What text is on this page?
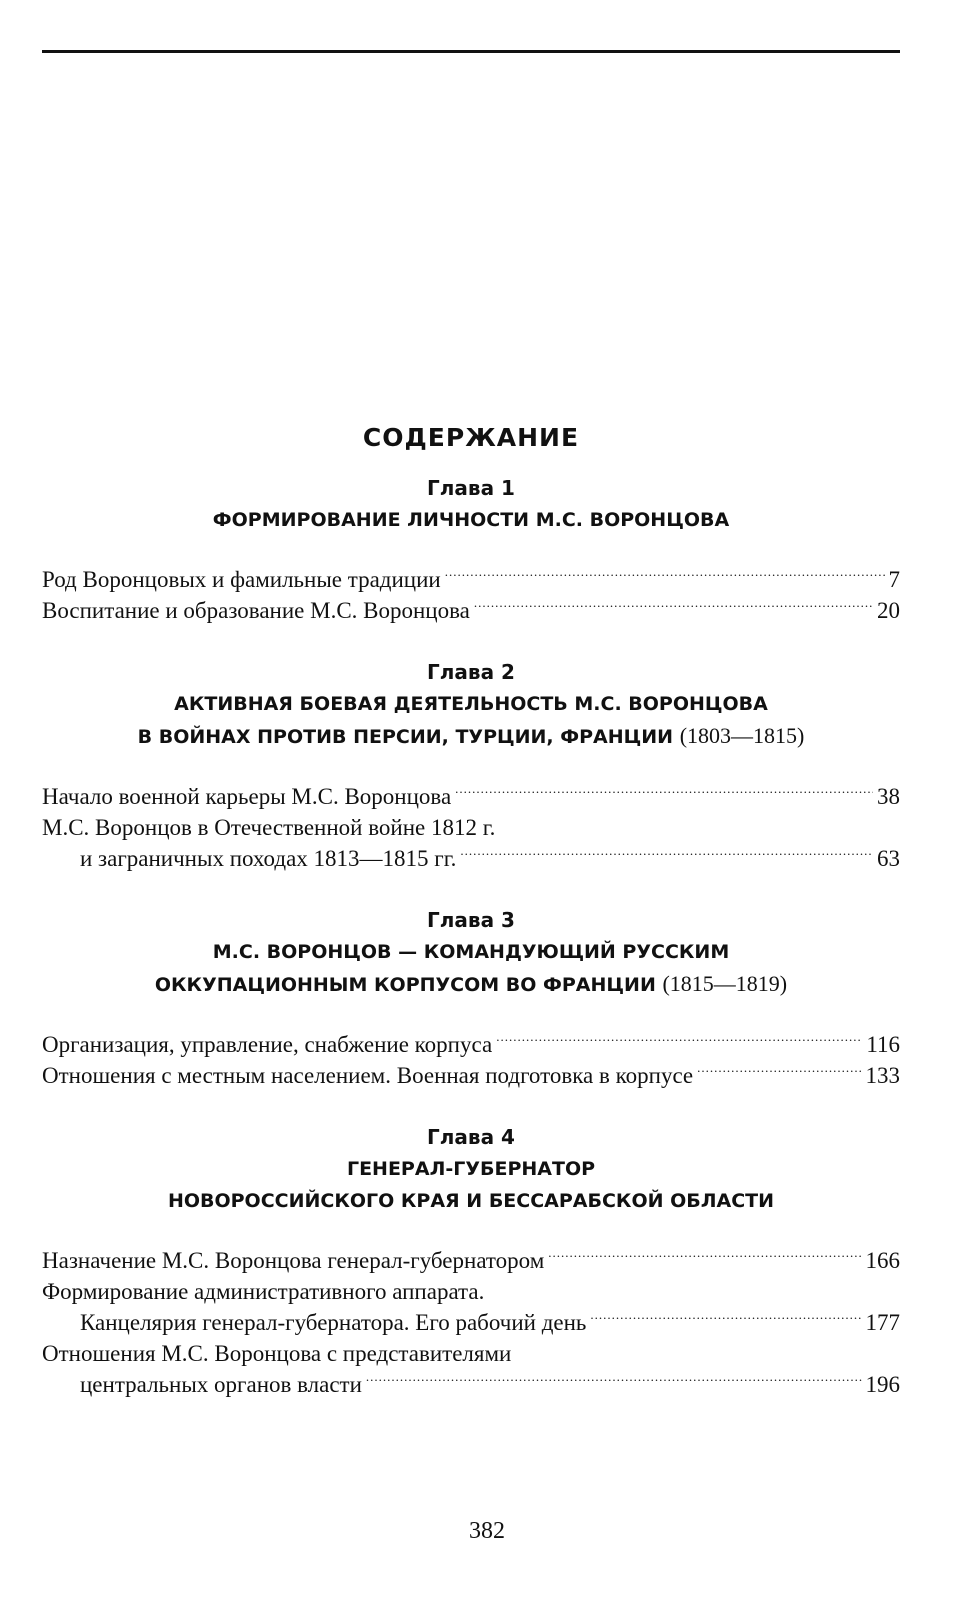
СОДЕРЖАНИЕ
Глава 1
ФОРМИРОВАНИЕ ЛИЧНОСТИ М.С. ВОРОНЦОВА
Род Воронцовых и фамильные традиции .....	7
Воспитание и образование М.С. Воронцова .....	20
Глава 2
АКТИВНАЯ БОЕВАЯ ДЕЯТЕЛЬНОСТЬ М.С. ВОРОНЦОВА
В ВОЙНАХ ПРОТИВ ПЕРСИИ, ТУРЦИИ, ФРАНЦИИ (1803—1815)
Начало военной карьеры М.С. Воронцова .....	38
М.С. Воронцов в Отечественной войне 1812 г.
и заграничных походах 1813—1815 гг. .....	63
Глава 3
М.С. ВОРОНЦОВ — КОМАНДУЮЩИЙ РУССКИМ
ОККУПАЦИОННЫМ КОРПУСОМ ВО ФРАНЦИИ (1815—1819)
Организация, управление, снабжение корпуса .....	116
Отношения с местным населением. Военная подготовка в корпусе .....	133
Глава 4
ГЕНЕРАЛ-ГУБЕРНАТОР
НОВОРОССИЙСКОГО КРАЯ И БЕССАРАБСКОЙ ОБЛАСТИ
Назначение М.С. Воронцова генерал-губернатором .....	166
Формирование административного аппарата.
Канцелярия генерал-губернатора. Его рабочий день .....	177
Отношения М.С. Воронцова с представителями
центральных органов власти .....	196
382
